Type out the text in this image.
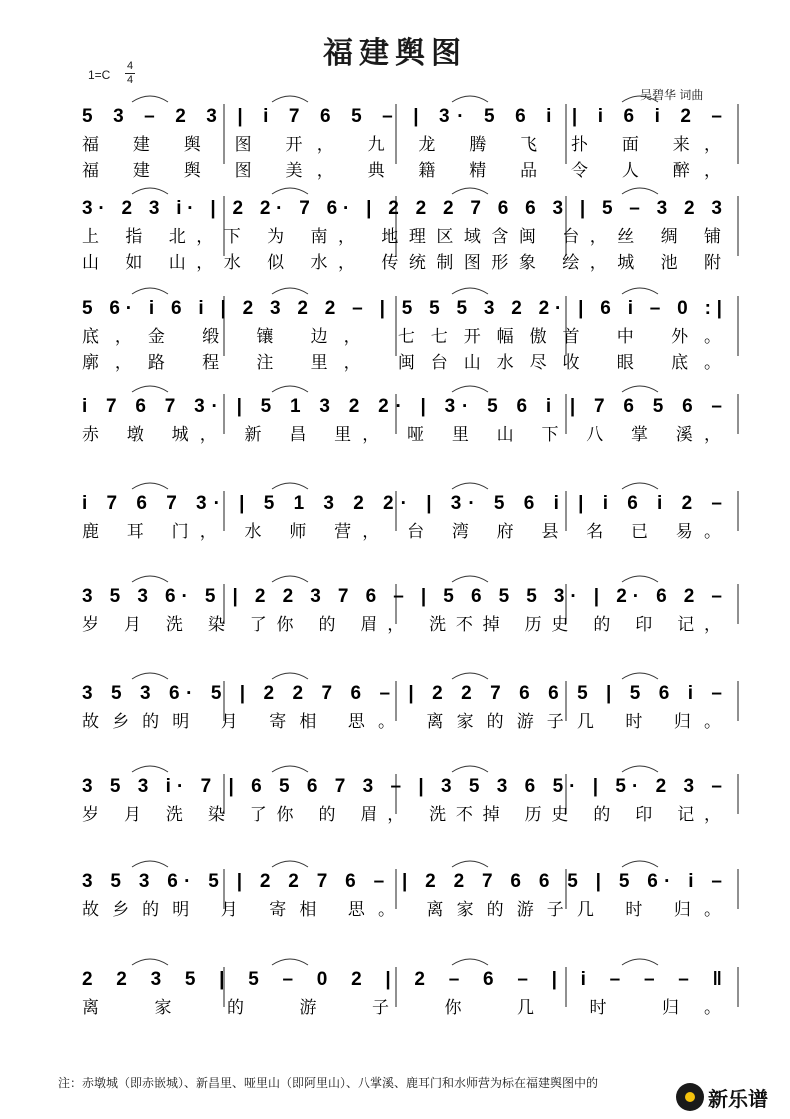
福建舆图
1=C
4
4
吴碧华 词曲
5 3 – 2 3 | i 7 6 5 – | 3· 5 6 i | i 6 i 2 –
福 建 舆 图 开， 九 龙 腾 飞 扑 面 来，
福 建 舆 图 美， 典 籍 精 品 令 人 醉，
3· 2 3 i· | 2 2· 7 6· | 2 2 2 7 6 6 3 | 5 – 3 2 3
上 指 北，下 为 南， 地理区域含闽 台，丝 绸 铺
山 如 山，水 似 水， 传统制图形象 绘，城 池 附
5 6· i 6 i | 2 3 2 2 – | 5 5 5 3 2 2· | 6 i – 0 :|
底，金 缎 镶 边， 七七开幅傲首 中 外。
廓，路 程 注 里， 闽台山水尽收 眼 底。
i 7 6 7 3· | 5 1 3 2 2· | 3· 5 6 i | 7 6 5 6 –
赤 墩 城， 新 昌 里， 哑 里 山 下 八 掌 溪，
i 7 6 7 3· | 5 1 3 2 2· | 3· 5 6 i | i 6 i 2 –
鹿 耳 门， 水 师 营， 台 湾 府 县 名 已 易。
3 5 3 6· 5 | 2 2 3 7 6 – | 5 6 5 5 3· | 2· 6 2 –
岁 月 洗 染 了你 的 眉， 洗不掉 历史 的 印 记，
3 5 3 6· 5 | 2 2 7 6 – | 2 2 7 6 6 5 | 5 6 i –
故乡的明 月 寄相 思。 离家的游子几 时 归。
3 5 3 i· 7 | 6 5 6 7 3 – | 3 5 3 6 5· | 5· 2 3 –
岁 月 洗 染 了你 的 眉， 洗不掉 历史 的 印 记，
3 5 3 6· 5 | 2 2 7 6 – | 2 2 7 6 6 5 | 5 6· i –
故乡的明 月 寄相 思。 离家的游子几 时 归。
2 2 3 5 | 5 – 0 2 | 2 – 6 – | i – – – ‖
离 家 的 游 子 你 几 时 归。
注：赤墩城（即赤嵌城）、新昌里、哑里山（即阿里山）、八掌溪、鹿耳门和水师营为标在福建舆图中的
新乐谱
